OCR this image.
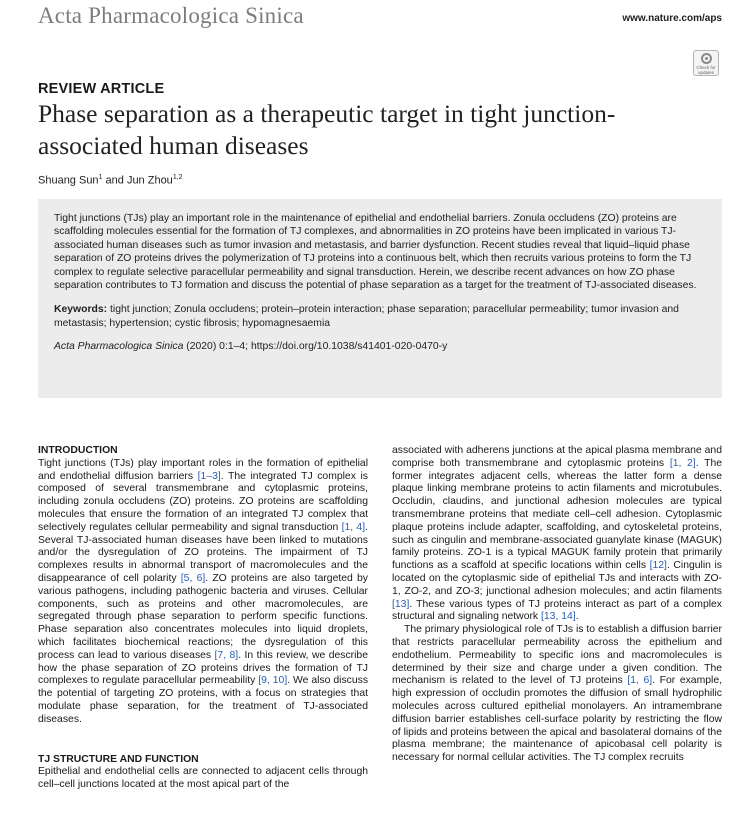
Acta Pharmacologica Sinica	www.nature.com/aps
Check for updates
REVIEW ARTICLE
Phase separation as a therapeutic target in tight junction-associated human diseases
Shuang Sun$^1$ and Jun Zhou$^{1,2}$

Tight junctions (TJs) play an important role in the maintenance of epithelial and endothelial barriers. Zonula occludens (ZO) proteins are scaffolding molecules essential for the formation of TJ complexes, and abnormalities in ZO proteins have been implicated in various TJ-associated human diseases such as tumor invasion and metastasis, and barrier dysfunction. Recent studies reveal that liquid–liquid phase separation of ZO proteins drives the polymerization of TJ proteins into a continuous belt, which then recruits various proteins to form the TJ complex to regulate selective paracellular permeability and signal transduction. Herein, we describe recent advances on how ZO phase separation contributes to TJ formation and discuss the potential of phase separation as a target for the treatment of TJ-associated diseases.

Keywords: tight junction; Zonula occludens; protein–protein interaction; phase separation; paracellular permeability; tumor invasion and metastasis; hypertension; cystic fibrosis; hypomagnesaemia

Acta Pharmacologica Sinica (2020) 0:1–4; https://doi.org/10.1038/s41401-020-0470-y

INTRODUCTION

Tight junctions (TJs) play important roles in the formation of epithelial and endothelial diffusion barriers [1–3]. The integrated TJ complex is composed of several transmembrane and cytoplasmic proteins, including zonula occludens (ZO) proteins. ZO proteins are scaffolding molecules that ensure the formation of an integrated TJ complex that selectively regulates cellular permeability and signal transduction [1, 4]. Several TJ-associated human diseases have been linked to mutations and/or the dysregulation of ZO proteins. The impairment of TJ complexes results in abnormal transport of macromolecules and the disappearance of cell polarity [5, 6]. ZO proteins are also targeted by various pathogens, including pathogenic bacteria and viruses. Cellular components, such as proteins and other macromolecules, are segregated through phase separation to perform specific functions. Phase separation also concentrates molecules into liquid droplets, which facilitates biochemical reactions; the dysregulation of this process can lead to various diseases [7, 8]. In this review, we describe how the phase separation of ZO proteins drives the formation of TJ complexes to regulate paracellular permeability [9, 10]. We also discuss the potential of targeting ZO proteins, with a focus on strategies that modulate phase separation, for the treatment of TJ-associated diseases.

TJ STRUCTURE AND FUNCTION

Epithelial and endothelial cells are connected to adjacent cells through cell–cell junctions located at the most apical part of the

associated with adherens junctions at the apical plasma membrane and comprise both transmembrane and cytoplasmic proteins [1, 2]. The former integrates adjacent cells, whereas the latter form a dense plaque linking membrane proteins to actin filaments and microtubules. Occludin, claudins, and junctional adhesion molecules are typical transmembrane proteins that mediate cell–cell adhesion. Cytoplasmic plaque proteins include adapter, scaffolding, and cytoskeletal proteins, such as cingulin and membrane-associated guanylate kinase (MAGUK) family proteins. ZO-1 is a typical MAGUK family protein that primarily functions as a scaffold at specific locations within cells [12]. Cingulin is located on the cytoplasmic side of epithelial TJs and interacts with ZO-1, ZO-2, and ZO-3; junctional adhesion molecules; and actin filaments [13]. These various types of TJ proteins interact as part of a complex structural and signaling network [13, 14].

The primary physiological role of TJs is to establish a diffusion barrier that restricts paracellular permeability across the epithelium and endothelium. Permeability to specific ions and macromolecules is determined by their size and charge under a given condition. The mechanism is related to the level of TJ proteins [1, 6]. For example, high expression of occludin promotes the diffusion of small hydrophilic molecules across cultured epithelial monolayers. An intramembrane diffusion barrier establishes cell-surface polarity by restricting the flow of lipids and proteins between the apical and basolateral domains of the plasma membrane; the maintenance of apicobasal cell polarity is necessary for normal cellular activities. The TJ complex recruits
